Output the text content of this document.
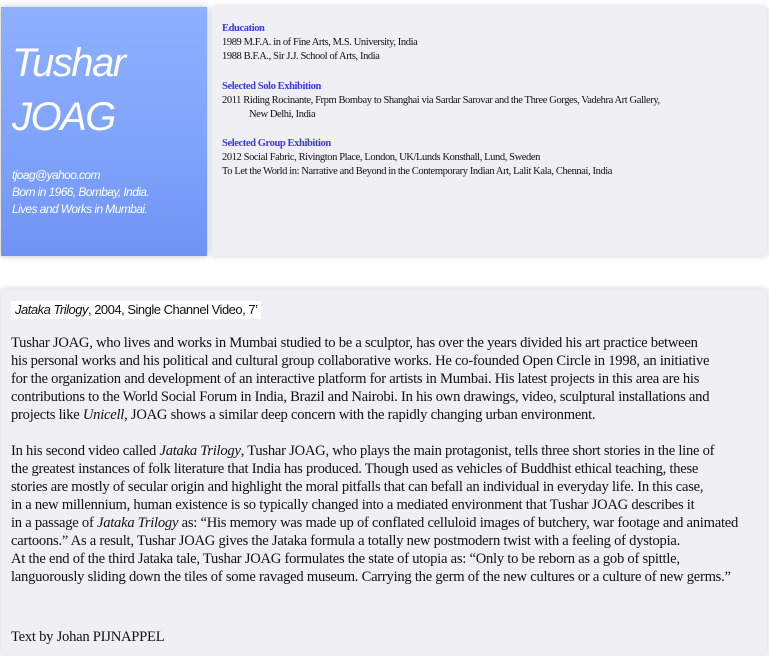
Tushar
JOAG
tjoag@yahoo.com
Born in 1966, Bombay, India.
Lives and Works in Mumbai.
Education
1989 M.F.A. in of Fine Arts, M.S. University, India
1988 B.F.A., Sir J.J. School of Arts, India
Selected Solo Exhibition
2011 Riding Rocinante, Frpm Bombay to Shanghai via Sardar Sarovar and the Three Gorges, Vadehra Art Gallery,
New Delhi, India
Selected Group Exhibition
2012 Social Fabric, Rivington Place, London, UK/Lunds Konsthall, Lund, Sweden
To Let the World in: Narrative and Beyond in the Contemporary Indian Art, Lalit Kala, Chennai, India
Jataka Trilogy, 2004, Single Channel Video, 7’
Tushar JOAG, who lives and works in Mumbai studied to be a sculptor, has over the years divided his art practice between
his personal works and his political and cultural group collaborative works. He co-founded Open Circle in 1998, an initiative
for the organization and development of an interactive platform for artists in Mumbai. His latest projects in this area are his
contributions to the World Social Forum in India, Brazil and Nairobi. In his own drawings, video, sculptural installations and
projects like Unicell, JOAG shows a similar deep concern with the rapidly changing urban environment.
In his second video called Jataka Trilogy, Tushar JOAG, who plays the main protagonist, tells three short stories in the line of
the greatest instances of folk literature that India has produced. Though used as vehicles of Buddhist ethical teaching, these
stories are mostly of secular origin and highlight the moral pitfalls that can befall an individual in everyday life. In this case,
in a new millennium, human existence is so typically changed into a mediated environment that Tushar JOAG describes it
in a passage of Jataka Trilogy as: “His memory was made up of conflated celluloid images of butchery, war footage and animated
cartoons.” As a result, Tushar JOAG gives the Jataka formula a totally new postmodern twist with a feeling of dystopia.
At the end of the third Jataka tale, Tushar JOAG formulates the state of utopia as: “Only to be reborn as a gob of spittle,
languorously sliding down the tiles of some ravaged museum. Carrying the germ of the new cultures or a culture of new germs.”
Text by Johan PIJNAPPEL
